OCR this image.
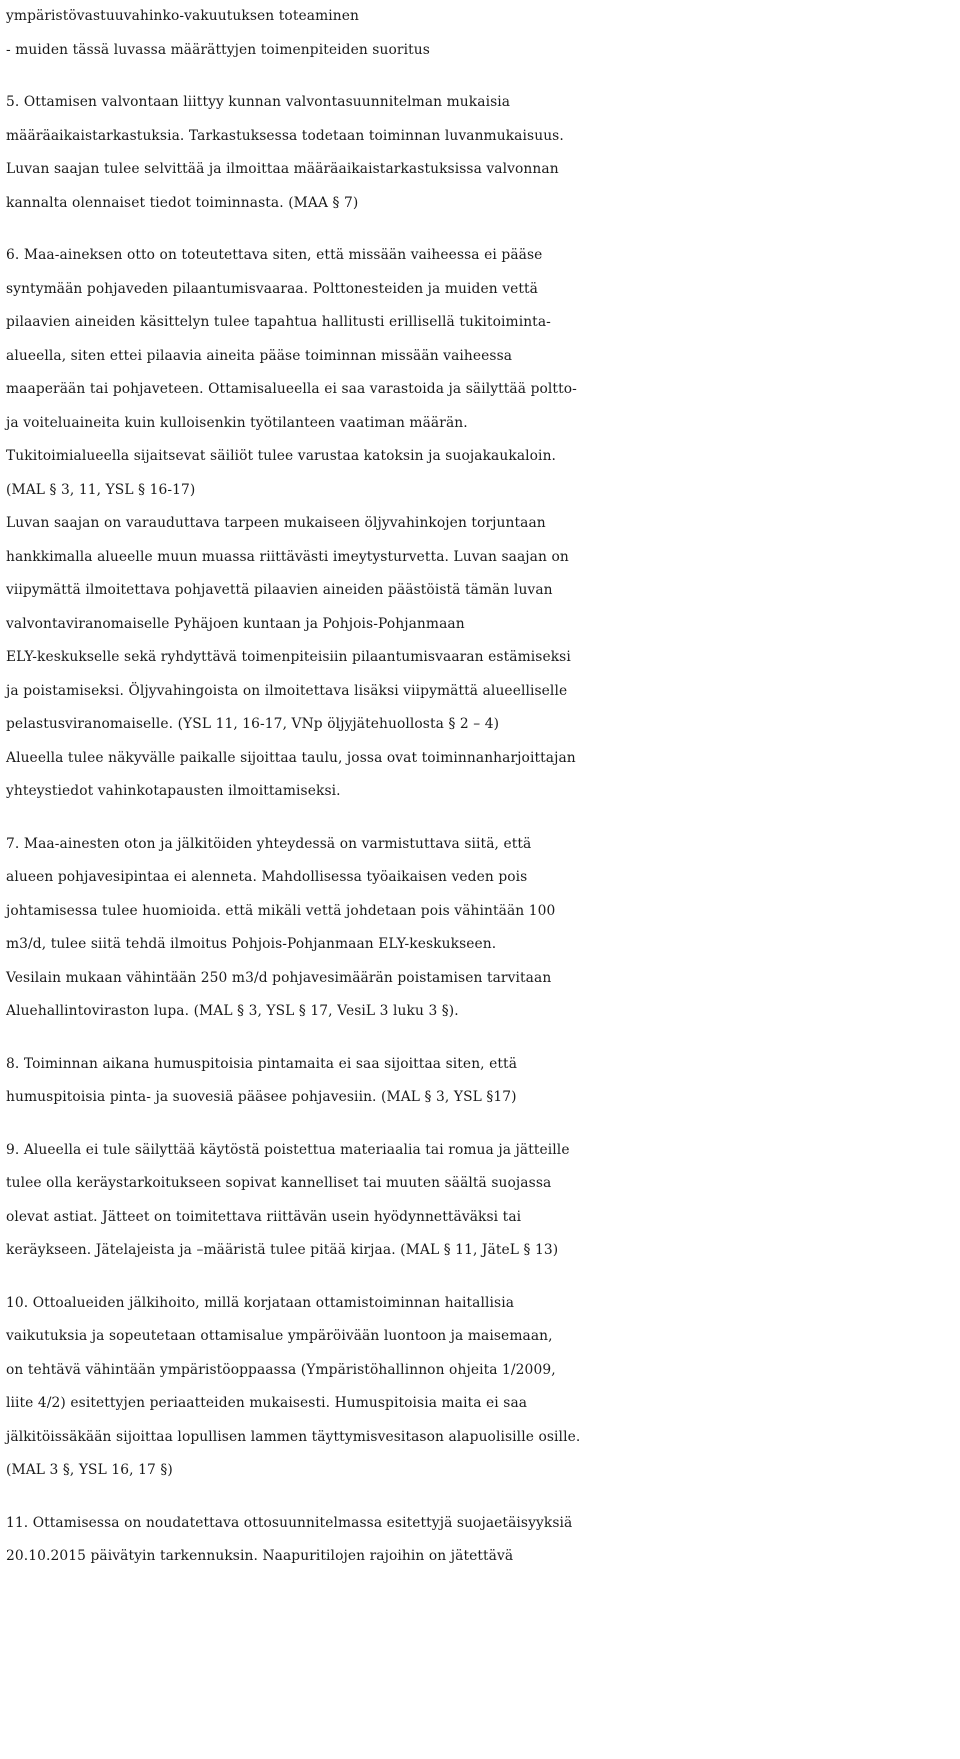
ympäristövastuuvahinko-vakuutuksen toteaminen
- muiden tässä luvassa määrättyjen toimenpiteiden suoritus
5. Ottamisen valvontaan liittyy kunnan valvontasuunnitelman mukaisia
määräaikaistarkastuksia. Tarkastuksessa todetaan toiminnan luvanmukaisuus.
Luvan saajan tulee selvittää ja ilmoittaa määräaikaistarkastuksissa valvonnan
kannalta olennaiset tiedot toiminnasta. (MAA § 7)
6. Maa-aineksen otto on toteutettava siten, että missään vaiheessa ei pääse
syntymään pohjaveden pilaantumisvaaraa. Polttonesteiden ja muiden vettä
pilaavien aineiden käsittelyn tulee tapahtua hallitusti erillisellä tukitoiminta-
alueella, siten ettei pilaavia aineita pääse toiminnan missään vaiheessa
maaperään tai pohjaveteen. Ottamisalueella ei saa varastoida ja säilyttää poltto-
ja voiteluaineita kuin kulloisenkin työtilanteen vaatiman määrän.
Tukitoimialueella sijaitsevat säiliöt tulee varustaa katoksin ja suojakaukaloin.
(MAL § 3, 11, YSL § 16-17)
Luvan saajan on varauduttava tarpeen mukaiseen öljyvahinkojen torjuntaan
hankkimalla alueelle muun muassa riittävästi imeytysturvetta. Luvan saajan on
viipymättä ilmoitettava pohjavettä pilaavien aineiden päästöistä tämän luvan
valvontaviranomaiselle Pyhäjoen kuntaan ja Pohjois-Pohjanmaan
ELY-keskukselle sekä ryhdyttävä toimenpiteisiin pilaantumisvaaran estämiseksi
ja poistamiseksi. Öljyvahingoista on ilmoitettava lisäksi viipymättä alueelliselle
pelastusviranomaiselle. (YSL 11, 16-17, VNp öljyjätehuollosta § 2 – 4)
Alueella tulee näkyvälle paikalle sijoittaa taulu, jossa ovat toiminnanharjoittajan
yhteystiedot vahinkotapausten ilmoittamiseksi.
7. Maa-ainesten oton ja jälkitöiden yhteydessä on varmistuttava siitä, että
alueen pohjavesipintaa ei alenneta. Mahdollisessa työaikaisen veden pois
johtamisessa tulee huomioida. että mikäli vettä johdetaan pois vähintään 100
m3/d, tulee siitä tehdä ilmoitus Pohjois-Pohjanmaan ELY-keskukseen.
Vesilain mukaan vähintään 250 m3/d pohjavesimäärän poistamisen tarvitaan
Aluehallintoviraston lupa. (MAL § 3, YSL § 17, VesiL 3 luku 3 §).
8. Toiminnan aikana humuspitoisia pintamaita ei saa sijoittaa siten, että
humuspitoisia pinta- ja suovesiä pääsee pohjavesiin. (MAL § 3, YSL §17)
9. Alueella ei tule säilyttää käytöstä poistettua materiaalia tai romua ja jätteille
tulee olla keräystarkoitukseen sopivat kannelliset tai muuten säältä suojassa
olevat astiat. Jätteet on toimitettava riittävän usein hyödynnettäväksi tai
keräykseen. Jätelajeista ja –määristä tulee pitää kirjaa. (MAL § 11, JäteL § 13)
10. Ottoalueiden jälkihoito, millä korjataan ottamistoiminnan haitallisia
vaikutuksia ja sopeutetaan ottamisalue ympäröivään luontoon ja maisemaan,
on tehtävä vähintään ympäristöoppaassa (Ympäristöhallinnon ohjeita 1/2009,
liite 4/2) esitettyjen periaatteiden mukaisesti. Humuspitoisia maita ei saa
jälkitöissäkään sijoittaa lopullisen lammen täyttymisvesitason alapuolisille osille.
(MAL 3 §, YSL 16, 17 §)
11. Ottamisessa on noudatettava ottosuunnitelmassa esitettyjä suojaetäisyyksiä
20.10.2015 päivätyin tarkennuksin. Naapuritilojen rajoihin on jätettävä
